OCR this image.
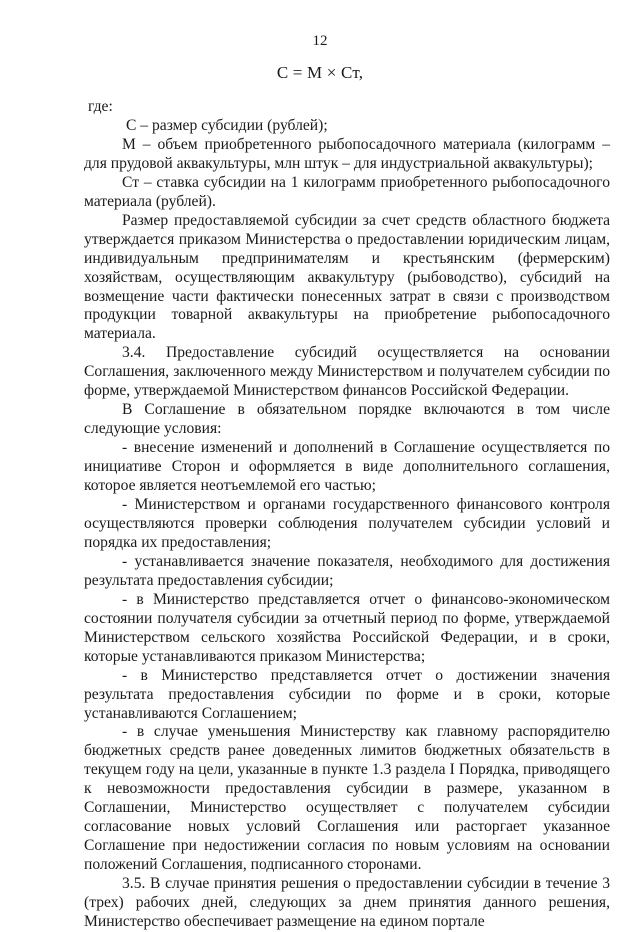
12
С = М × Ст,

где:

С – размер субсидии (рублей);

М – объем приобретенного рыбопосадочного материала (килограмм – для прудовой аквакультуры, млн штук – для индустриальной аквакультуры);

Ст – ставка субсидии на 1 килограмм приобретенного рыбопосадочного материала (рублей).

Размер предоставляемой субсидии за счет средств областного бюджета утверждается приказом Министерства о предоставлении юридическим лицам, индивидуальным предпринимателям и крестьянским (фермерским) хозяйствам, осуществляющим аквакультуру (рыбоводство), субсидий на возмещение части фактически понесенных затрат в связи с производством продукции товарной аквакультуры на приобретение рыбопосадочного материала.

3.4. Предоставление субсидий осуществляется на основании Соглашения, заключенного между Министерством и получателем субсидии по форме, утверждаемой Министерством финансов Российской Федерации.

В Соглашение в обязательном порядке включаются в том числе следующие условия:

- внесение изменений и дополнений в Соглашение осуществляется по инициативе Сторон и оформляется в виде дополнительного соглашения, которое является неотъемлемой его частью;

- Министерством и органами государственного финансового контроля осуществляются проверки соблюдения получателем субсидии условий и порядка их предоставления;

- устанавливается значение показателя, необходимого для достижения результата предоставления субсидии;

- в Министерство представляется отчет о финансово-экономическом состоянии получателя субсидии за отчетный период по форме, утверждаемой Министерством сельского хозяйства Российской Федерации, и в сроки, которые устанавливаются приказом Министерства;

- в Министерство представляется отчет о достижении значения результата предоставления субсидии по форме и в сроки, которые устанавливаются Соглашением;

- в случае уменьшения Министерству как главному распорядителю бюджетных средств ранее доведенных лимитов бюджетных обязательств в текущем году на цели, указанные в пункте 1.3 раздела I Порядка, приводящего к невозможности предоставления субсидии в размере, указанном в Соглашении, Министерство осуществляет с получателем субсидии согласование новых условий Соглашения или расторгает указанное Соглашение при недостижении согласия по новым условиям на основании положений Соглашения, подписанного сторонами.

3.5. В случае принятия решения о предоставлении субсидии в течение 3 (трех) рабочих дней, следующих за днем принятия данного решения, Министерство обеспечивает размещение на едином портале
